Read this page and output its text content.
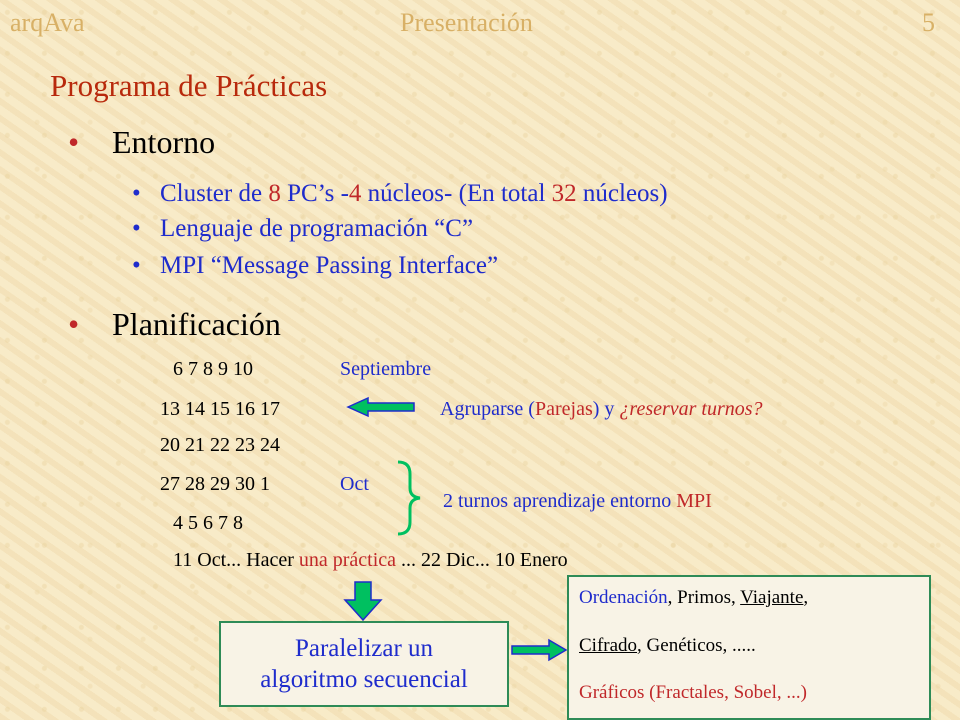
arqAva	Presentación	5
Programa de Prácticas
• Entorno
• Cluster de 8 PC’s -4 núcleos- (En total 32 núcleos)
• Lenguaje de programación “C”
• MPI “Message Passing Interface”
• Planificación
6 7 8 9 10	Septiembre
13 14 15 16 17	Agruparse (Parejas) y ¿reservar turnos?
20 21 22 23 24
27 28 29 30 1	Oct
2 turnos aprendizaje entorno MPI
4 5 6 7 8
11 Oct... Hacer una práctica ... 22 Dic... 10 Enero
Paralelizar un
algoritmo secuencial
Ordenación, Primos, Viajante,
Cifrado, Genéticos, .....
Gráficos (Fractales, Sobel, ...)
